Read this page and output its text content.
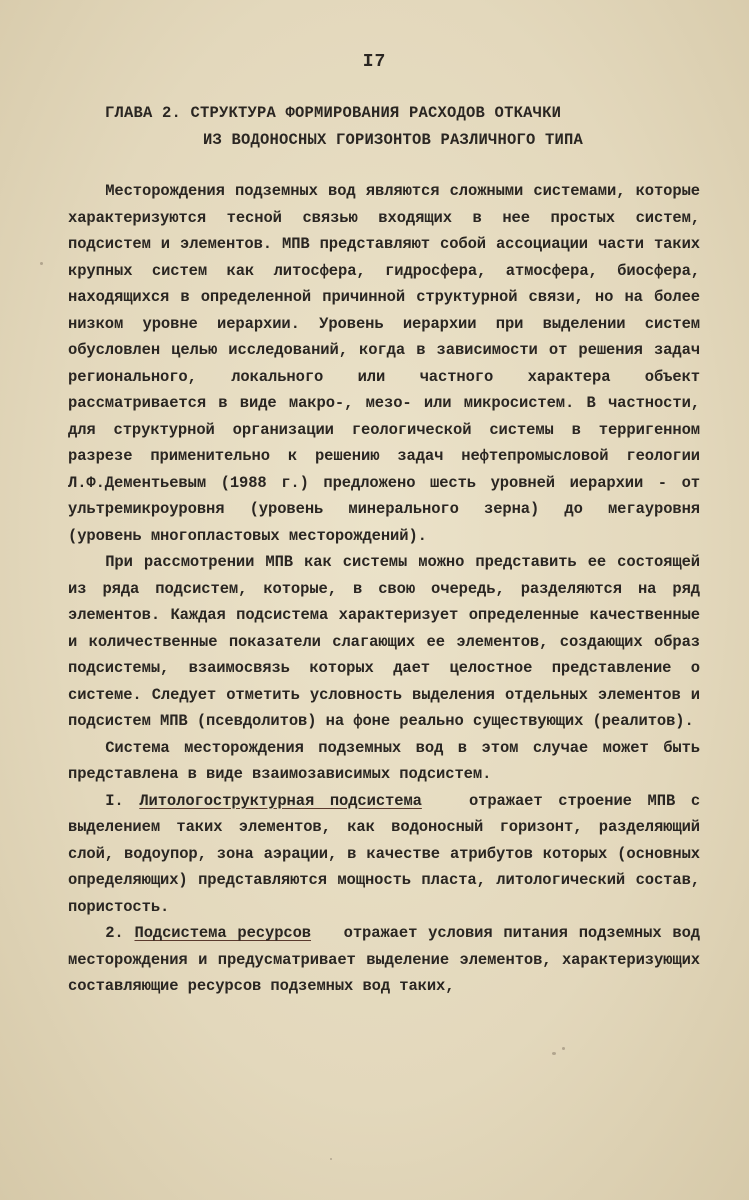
I7
ГЛАВА 2. СТРУКТУРА ФОРМИРОВАНИЯ РАСХОДОВ ОТКАЧКИ
ИЗ ВОДОНОСНЫХ ГОРИЗОНТОВ РАЗЛИЧНОГО ТИПА

Месторождения подземных вод являются сложными системами, которые характеризуются тесной связью входящих в нее простых систем, подсистем и элементов. МПВ представляют собой ассоциации части таких крупных систем как литосфера, гидросфера, атмосфера, биосфера, находящихся в определенной причинной структурной связи, но на более низком уровне иерархии. Уровень иерархии при выделении систем обусловлен целью исследований, когда в зависимости от решения задач регионального, локального или частного характера объект рассматривается в виде макро-, мезо- или микросистем. В частности, для структурной организации геологической системы в терригенном разрезе применительно к решению задач нефтепромысловой геологии Л.Ф.Дементьевым (1988 г.) предложено шесть уровней иерархии - от ультремикроуровня (уровень минерального зерна) до мегауровня (уровень многопластовых месторождений).

При рассмотрении МПВ как системы можно представить ее состоящей из ряда подсистем, которые, в свою очередь, разделяются на ряд элементов. Каждая подсистема характеризует определенные качественные и количественные показатели слагающих ее элементов, создающих образ подсистемы, взаимосвязь которых дает целостное представление о системе. Следует отметить условность выделения отдельных элементов и подсистем МПВ (псевдолитов) на фоне реально существующих (реалитов).

Система месторождения подземных вод в этом случае может быть представлена в виде взаимозависимых подсистем.

I. Литологоструктурная подсистема	отражает строение МПВ с выделением таких элементов, как водоносный горизонт, разделяющий слой, водоупор, зона аэрации, в качестве атрибутов которых (основных определяющих) представляются мощность пласта, литологический состав, пористость.

2. Подсистема ресурсов отражает условия питания подземных вод месторождения и предусматривает выделение элементов, характеризующих составляющие ресурсов подземных вод таких,
